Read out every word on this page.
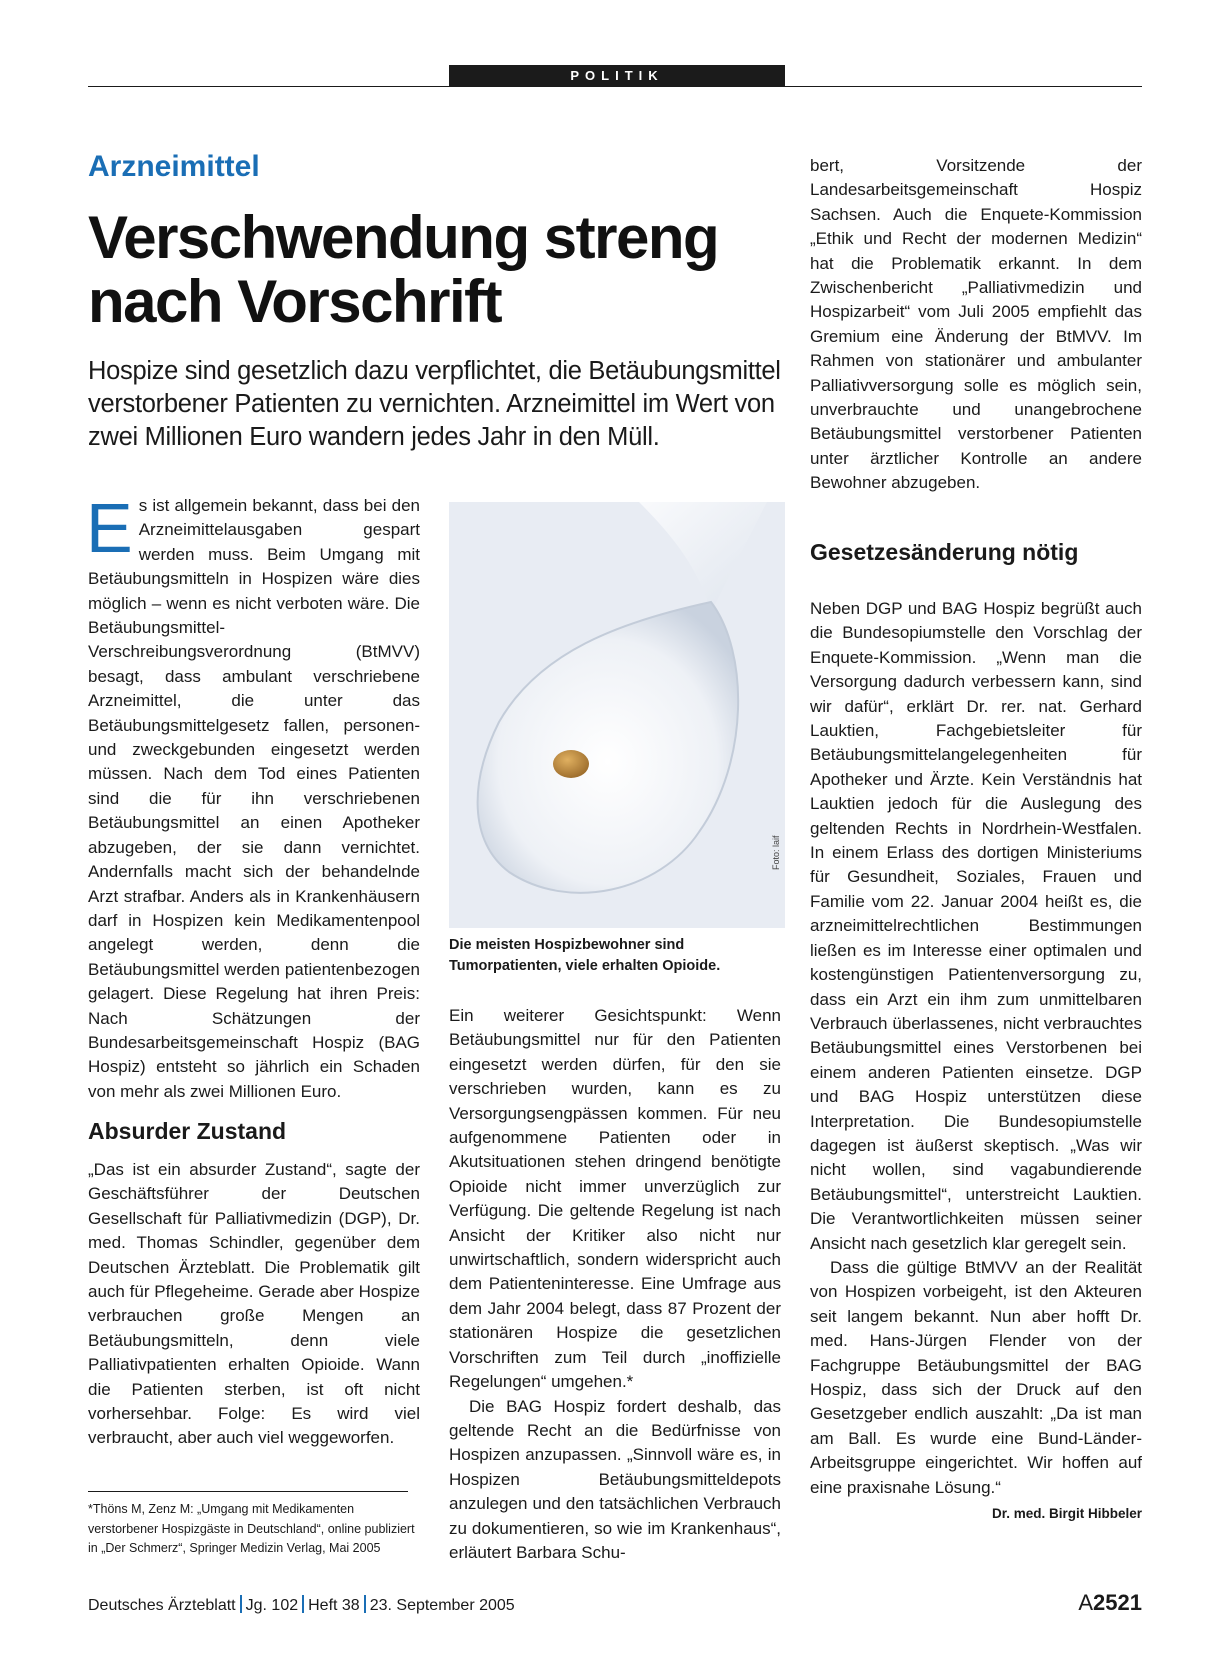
POLITIK
Arzneimittel
Verschwendung streng
nach Vorschrift
Hospize sind gesetzlich dazu verpflichtet, die Betäubungsmittel verstorbener Patienten zu vernichten. Arzneimittel im Wert von zwei Millionen Euro wandern jedes Jahr in den Müll.

Es ist allgemein bekannt, dass bei den Arzneimittelausgaben gespart werden muss. Beim Umgang mit Betäubungsmitteln in Hospizen wäre dies möglich – wenn es nicht verboten wäre. Die Betäubungsmittel-Verschreibungsverordnung (BtMVV) besagt, dass ambulant verschriebene Arzneimittel, die unter das Betäubungsmittelgesetz fallen, personen- und zweckgebunden eingesetzt werden müssen. Nach dem Tod eines Patienten sind die für ihn verschriebenen Betäubungsmittel an einen Apotheker abzugeben, der sie dann vernichtet. Andernfalls macht sich der behandelnde Arzt strafbar. Anders als in Krankenhäusern darf in Hospizen kein Medikamentenpool angelegt werden, denn die Betäubungsmittel werden patientenbezogen gelagert. Diese Regelung hat ihren Preis: Nach Schätzungen der Bundesarbeitsgemeinschaft Hospiz (BAG Hospiz) entsteht so jährlich ein Schaden von mehr als zwei Millionen Euro.

Absurder Zustand

„Das ist ein absurder Zustand“, sagte der Geschäftsführer der Deutschen Gesellschaft für Palliativmedizin (DGP), Dr. med. Thomas Schindler, gegenüber dem Deutschen Ärzteblatt. Die Problematik gilt auch für Pflegeheime. Gerade aber Hospize verbrauchen große Mengen an Betäubungsmitteln, denn viele Palliativpatienten erhalten Opioide. Wann die Patienten sterben, ist oft nicht vorhersehbar. Folge: Es wird viel verbraucht, aber auch viel weggeworfen.

*Thöns M, Zenz M: „Umgang mit Medikamenten verstorbener Hospizgäste in Deutschland“, online publiziert in „Der Schmerz“, Springer Medizin Verlag, Mai 2005
Foto: laif
Die meisten Hospizbewohner sind Tumorpatienten, viele erhalten Opioide.

Ein weiterer Gesichtspunkt: Wenn Betäubungsmittel nur für den Patienten eingesetzt werden dürfen, für den sie verschrieben wurden, kann es zu Versorgungsengpässen kommen. Für neu aufgenommene Patienten oder in Akutsituationen stehen dringend benötigte Opioide nicht immer unverzüglich zur Verfügung. Die geltende Regelung ist nach Ansicht der Kritiker also nicht nur unwirtschaftlich, sondern widerspricht auch dem Patienteninteresse. Eine Umfrage aus dem Jahr 2004 belegt, dass 87 Prozent der stationären Hospize die gesetzlichen Vorschriften zum Teil durch „inoffizielle Regelungen“ umgehen.*

Die BAG Hospiz fordert deshalb, das geltende Recht an die Bedürfnisse von Hospizen anzupassen. „Sinnvoll wäre es, in Hospizen Betäubungsmitteldepots anzulegen und den tatsächlichen Verbrauch zu dokumentieren, so wie im Krankenhaus“, erläutert Barbara Schu-

bert, Vorsitzende der Landesarbeitsgemeinschaft Hospiz Sachsen. Auch die Enquete-Kommission „Ethik und Recht der modernen Medizin“ hat die Problematik erkannt. In dem Zwischenbericht „Palliativmedizin und Hospizarbeit“ vom Juli 2005 empfiehlt das Gremium eine Änderung der BtMVV. Im Rahmen von stationärer und ambulanter Palliativversorgung solle es möglich sein, unverbrauchte und unangebrochene Betäubungsmittel verstorbener Patienten unter ärztlicher Kontrolle an andere Bewohner abzugeben.

Gesetzesänderung nötig

Neben DGP und BAG Hospiz begrüßt auch die Bundesopiumstelle den Vorschlag der Enquete-Kommission. „Wenn man die Versorgung dadurch verbessern kann, sind wir dafür“, erklärt Dr. rer. nat. Gerhard Lauktien, Fachgebietsleiter für Betäubungsmittelangelegenheiten für Apotheker und Ärzte. Kein Verständnis hat Lauktien jedoch für die Auslegung des geltenden Rechts in Nordrhein-Westfalen. In einem Erlass des dortigen Ministeriums für Gesundheit, Soziales, Frauen und Familie vom 22. Januar 2004 heißt es, die arzneimittelrechtlichen Bestimmungen ließen es im Interesse einer optimalen und kostengünstigen Patientenversorgung zu, dass ein Arzt ein ihm zum unmittelbaren Verbrauch überlassenes, nicht verbrauchtes Betäubungsmittel eines Verstorbenen bei einem anderen Patienten einsetze. DGP und BAG Hospiz unterstützen diese Interpretation. Die Bundesopiumstelle dagegen ist äußerst skeptisch. „Was wir nicht wollen, sind vagabundierende Betäubungsmittel“, unterstreicht Lauktien. Die Verantwortlichkeiten müssen seiner Ansicht nach gesetzlich klar geregelt sein.

Dass die gültige BtMVV an der Realität von Hospizen vorbeigeht, ist den Akteuren seit langem bekannt. Nun aber hofft Dr. med. Hans-Jürgen Flender von der Fachgruppe Betäubungsmittel der BAG Hospiz, dass sich der Druck auf den Gesetzgeber endlich auszahlt: „Da ist man am Ball. Es wurde eine Bund-Länder-Arbeitsgruppe eingerichtet. Wir hoffen auf eine praxisnahe Lösung.“
Dr. med. Birgit Hibbeler

Deutsches Ärzteblatt Jg. 102 Heft 38 23. September 2005	A2521
